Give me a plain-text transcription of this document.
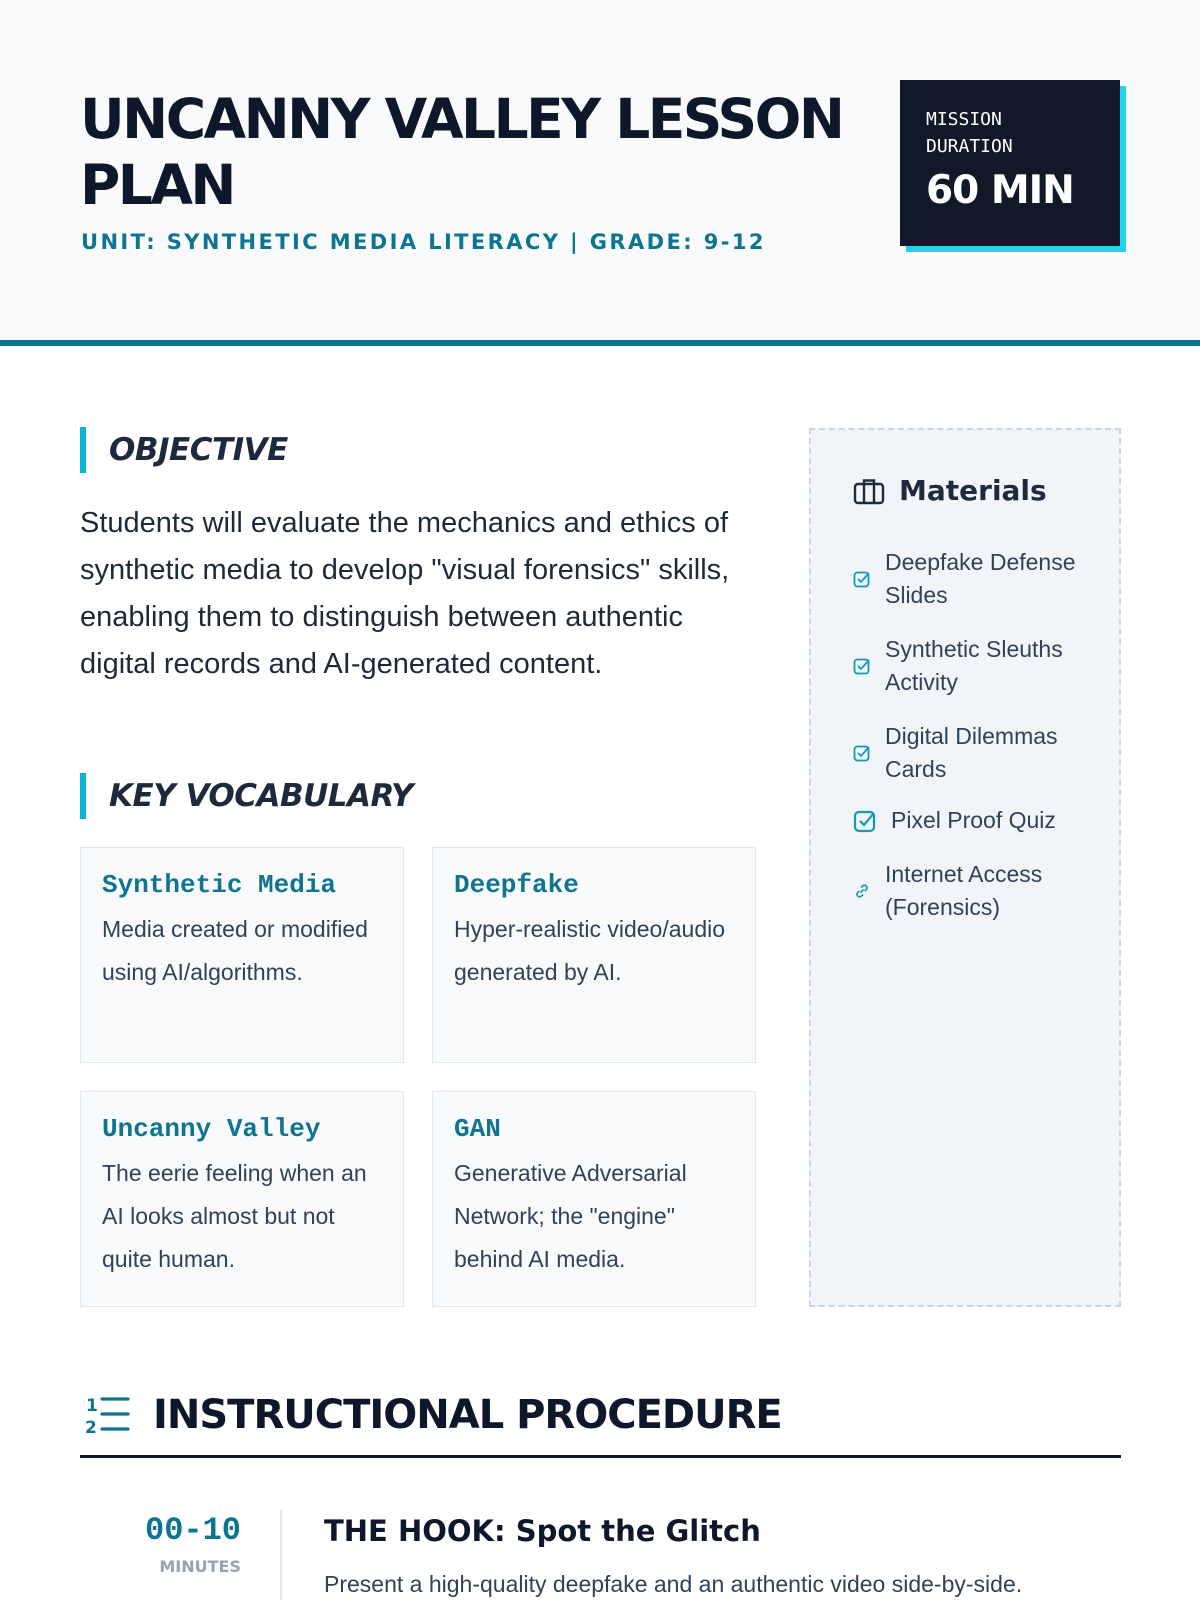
UNCANNY VALLEY LESSON PLAN
UNIT: SYNTHETIC MEDIA LITERACY | GRADE: 9-12
MISSION DURATION
60 MIN
OBJECTIVE

Students will evaluate the mechanics and ethics of synthetic media to develop "visual forensics" skills, enabling them to distinguish between authentic digital records and AI-generated content.

KEY VOCABULARY
Synthetic Media
Media created or modified using AI/algorithms.
Deepfake
Hyper-realistic video/audio generated by AI.
Uncanny Valley
The eerie feeling when an AI looks almost but not quite human.
GAN
Generative Adversarial Network; the "engine" behind AI media.
Materials
Deepfake Defense Slides
Synthetic Sleuths Activity
Digital Dilemmas Cards
Pixel Proof Quiz
Internet Access (Forensics)
1
2 INSTRUCTIONAL PROCEDURE
00-10
MINUTES
THE HOOK: Spot the Glitch

Present a high-quality deepfake and an authentic video side-by-side.
